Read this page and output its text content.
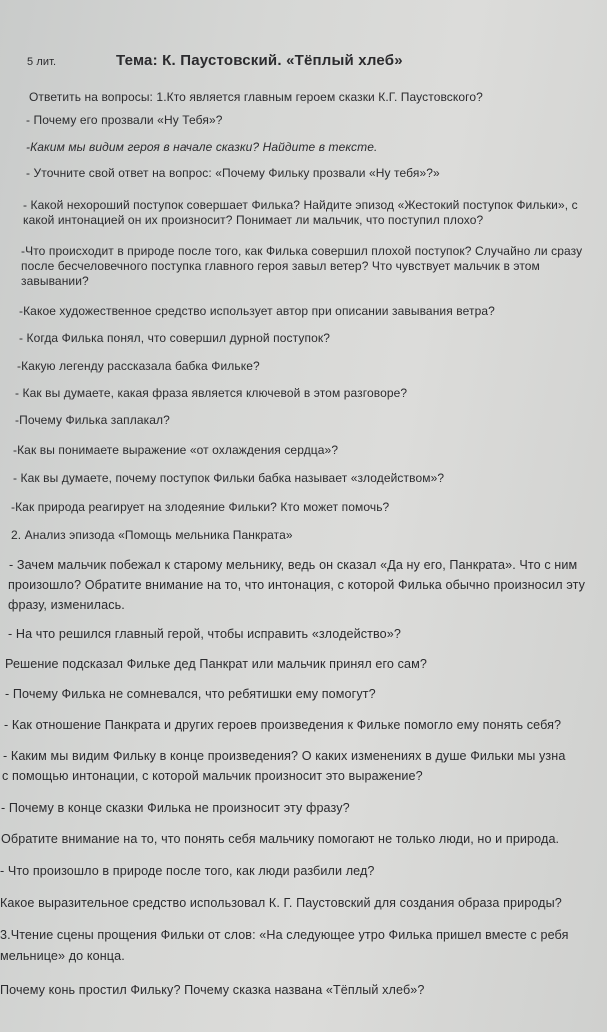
5 лит.	Тема: К. Паустовский. «Тёплый хлеб»
Ответить на вопросы: 1.Кто является главным героем сказки К.Г. Паустовского?
- Почему его прозвали «Ну Тебя»?
-Каким мы видим героя в начале сказки? Найдите в тексте.
- Уточните свой ответ на вопрос: «Почему Фильку прозвали «Ну тебя»?»
- Какой нехороший поступок совершает Филька? Найдите эпизод «Жестокий поступок Фильки», с
какой интонацией он их произносит? Понимает ли мальчик, что поступил плохо?
-Что происходит в природе после того, как Филька совершил плохой поступок? Случайно ли сразу
после бесчеловечного поступка главного героя завыл ветер? Что чувствует мальчик в этом
завывании?
-Какое художественное средство использует автор при описании завывания ветра?
- Когда Филька понял, что совершил дурной поступок?
-Какую легенду рассказала бабка Фильке?
- Как вы думаете, какая фраза является ключевой в этом разговоре?
-Почему Филька заплакал?
-Как вы понимаете выражение «от охлаждения сердца»?
- Как вы думаете, почему поступок Фильки бабка называет «злодейством»?
-Как природа реагирует на злодеяние Фильки? Кто может помочь?
2. Анализ эпизода «Помощь мельника Панкрата»
- Зачем мальчик побежал к старому мельнику, ведь он сказал «Да ну его, Панкрата». Что с ним
произошло? Обратите внимание на то, что интонация, с которой Филька обычно произносил эту
фразу, изменилась.
- На что решился главный герой, чтобы исправить «злодейство»?
Решение подсказал Фильке дед Панкрат или мальчик принял его сам?
- Почему Филька не сомневался, что ребятишки ему помогут?
- Как отношение Панкрата и других героев произведения к Фильке помогло ему понять себя?
- Каким мы видим Фильку в конце произведения? О каких изменениях в душе Фильки мы узна
с помощью интонации, с которой мальчик произносит это выражение?
- Почему в конце сказки Филька не произносит эту фразу?
Обратите внимание на то, что понять себя мальчику помогают не только люди, но и природа.
- Что произошло в природе после того, как люди разбили лед?
Какое выразительное средство использовал К. Г. Паустовский для создания образа природы?
3.Чтение сцены прощения Фильки от слов: «На следующее утро Филька пришел вместе с ребя
мельнице» до конца.
Почему конь простил Фильку? Почему сказка названа «Тёплый хлеб»?
